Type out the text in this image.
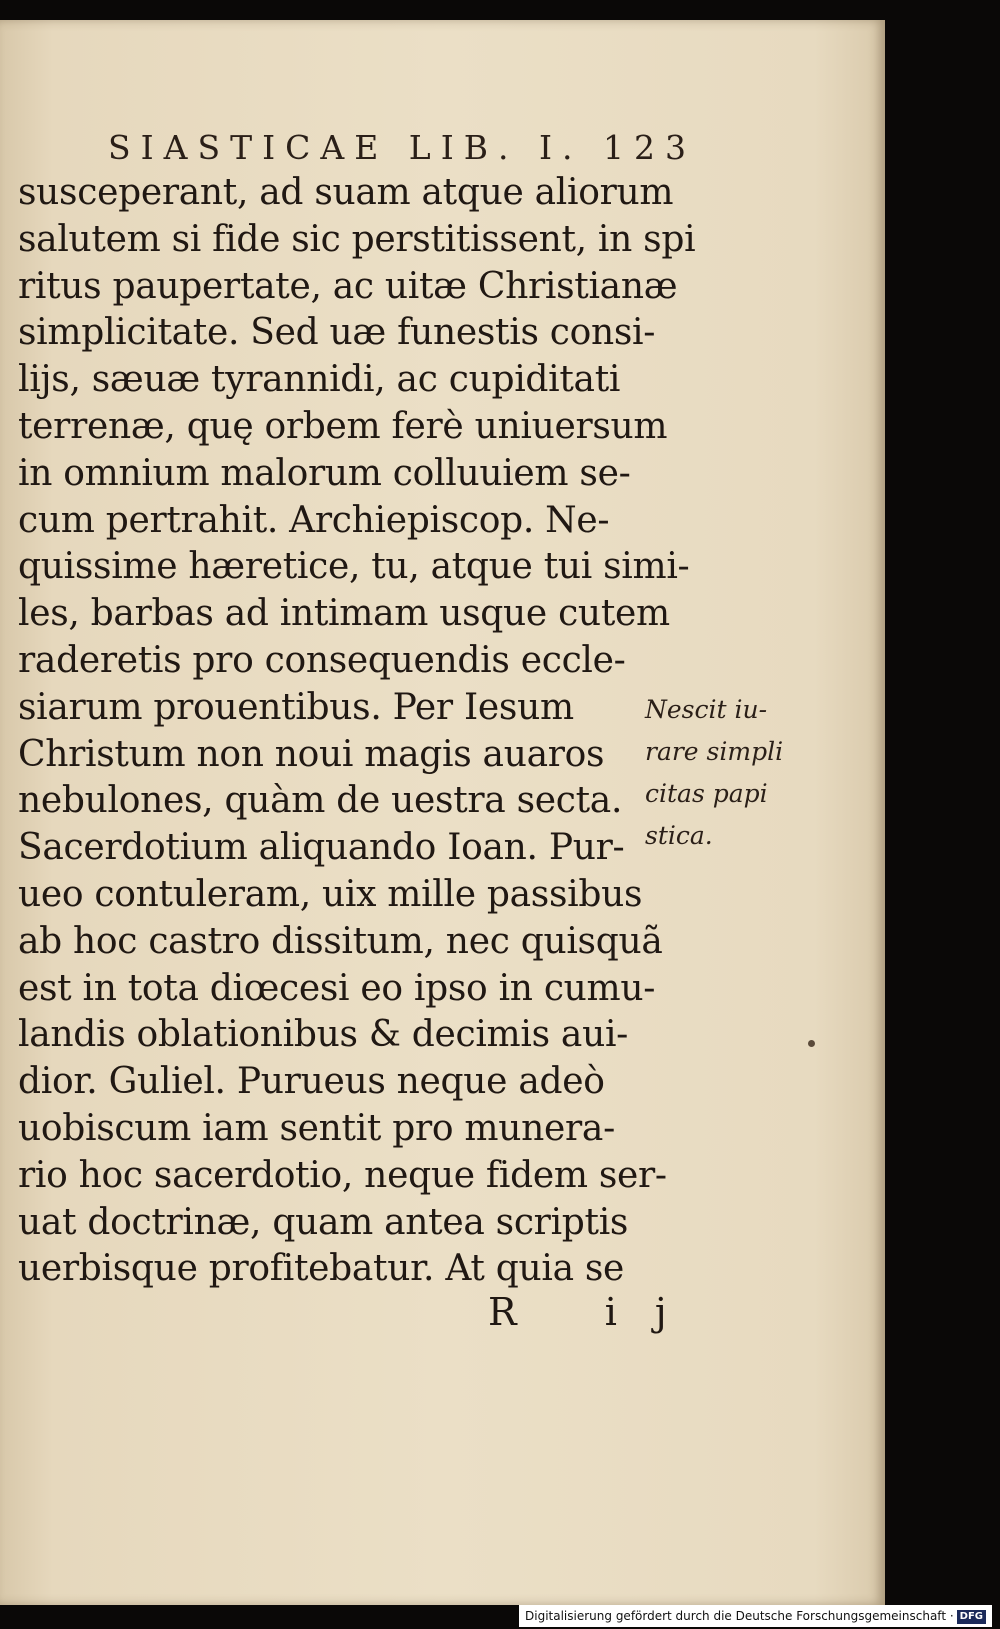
SIASTICAE LIB. I. 123
susceperant, ad suam atque aliorum
salutem si fide sic perstitissent, in spi
ritus paupertate, ac uitæ Christianæ
simplicitate. Sed uæ funestis consi-
lijs, sæuæ tyrannidi, ac cupiditati
terrenæ, quę orbem ferè uniuersum
in omnium malorum colluuiem se-
cum pertrahit. Archiepiscop. Ne-
quissime hæretice, tu, atque tui simi-
les, barbas ad intimam usque cutem
raderetis pro consequendis eccle-
siarum prouentibus. Per Iesum
Christum non noui magis auaros
nebulones, quàm de uestra secta.
Sacerdotium aliquando Ioan. Pur-
ueo contuleram, uix mille passibus
ab hoc castro dissitum, nec quisquã
est in tota diœcesi eo ipso in cumu-
landis oblationibus & decimis aui-
dior. Guliel. Purueus neque adeò
uobiscum iam sentit pro munera-
rio hoc sacerdotio, neque fidem ser-
uat doctrinæ, quam antea scriptis
uerbisque profitebatur. At quia se
Nescit iu-
rare simpli
citas papi
stica.
R ij
Digitalisierung gefördert durch die Deutsche Forschungsgemeinschaft · DFG
